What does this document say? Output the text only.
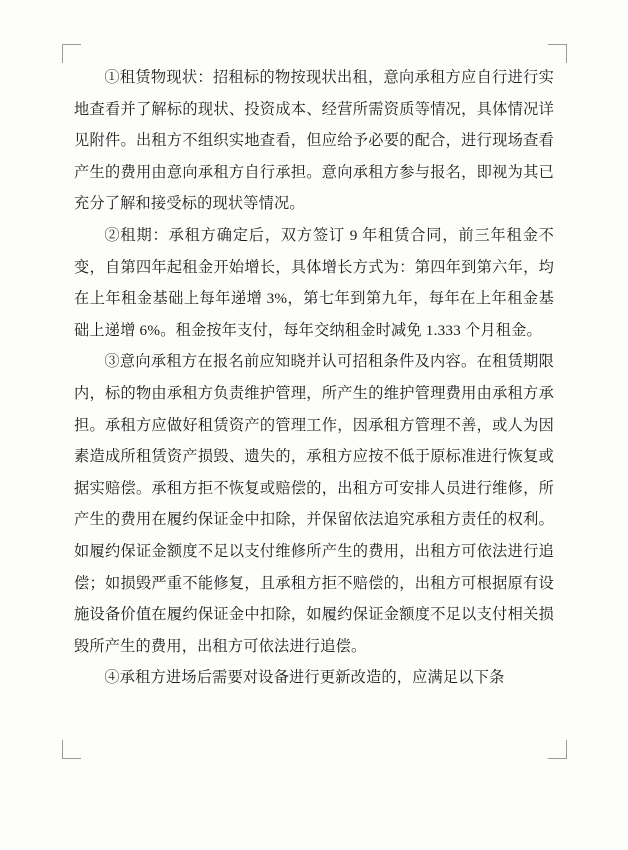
①租赁物现状：招租标的物按现状出租，意向承租方应自行进行实地查看并了解标的现状、投资成本、经营所需资质等情况，具体情况详见附件。出租方不组织实地查看，但应给予必要的配合，进行现场查看产生的费用由意向承租方自行承担。意向承租方参与报名，即视为其已充分了解和接受标的现状等情况。

②租期：承租方确定后，双方签订 9 年租赁合同，前三年租金不变，自第四年起租金开始增长，具体增长方式为：第四年到第六年，均在上年租金基础上每年递增 3%，第七年到第九年，每年在上年租金基础上递增 6%。租金按年支付，每年交纳租金时减免 1.333 个月租金。

③意向承租方在报名前应知晓并认可招租条件及内容。在租赁期限内，标的物由承租方负责维护管理，所产生的维护管理费用由承租方承担。承租方应做好租赁资产的管理工作，因承租方管理不善，或人为因素造成所租赁资产损毁、遗失的，承租方应按不低于原标准进行恢复或据实赔偿。承租方拒不恢复或赔偿的，出租方可安排人员进行维修，所产生的费用在履约保证金中扣除，并保留依法追究承租方责任的权利。如履约保证金额度不足以支付维修所产生的费用，出租方可依法进行追偿；如损毁严重不能修复，且承租方拒不赔偿的，出租方可根据原有设施设备价值在履约保证金中扣除，如履约保证金额度不足以支付相关损毁所产生的费用，出租方可依法进行追偿。

④承租方进场后需要对设备进行更新改造的，应满足以下条
